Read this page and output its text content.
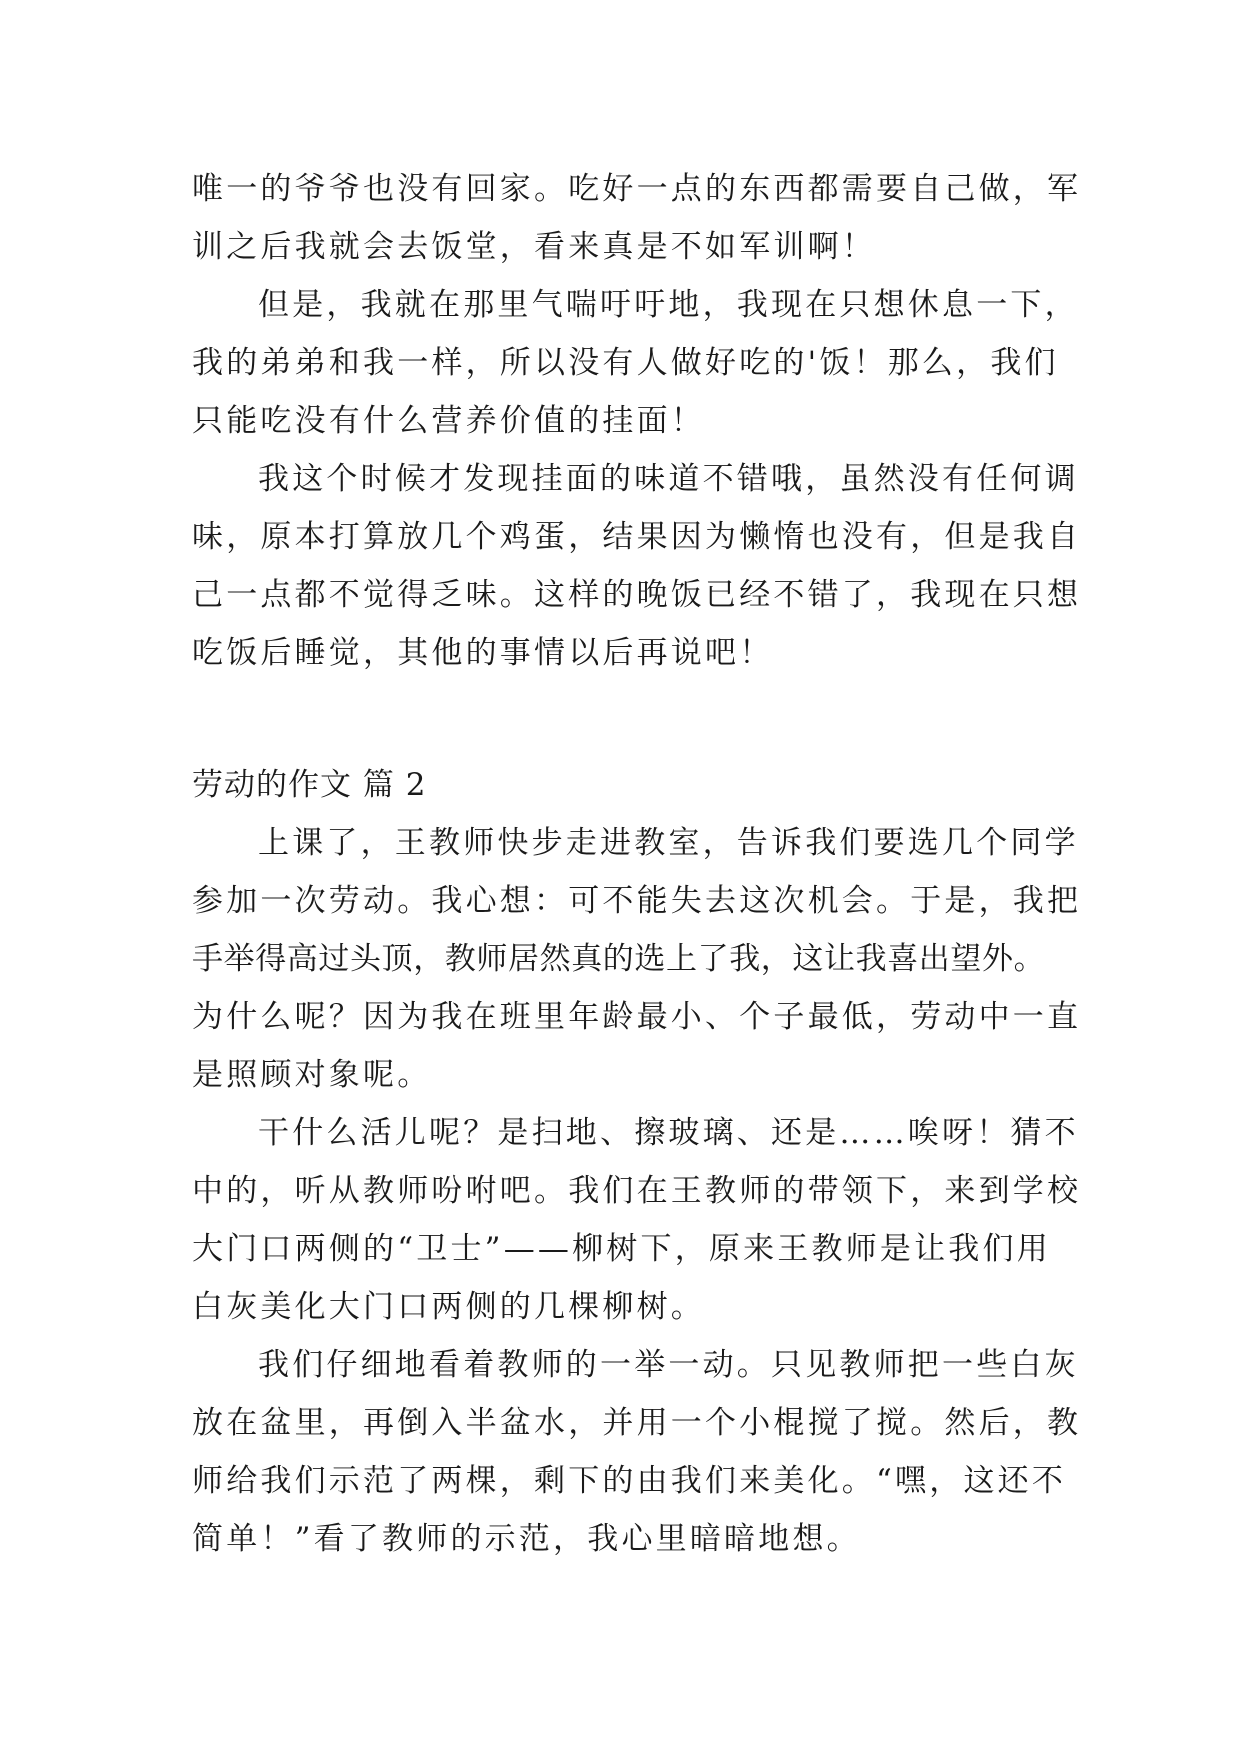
唯一的爷爷也没有回家。吃好一点的东西都需要自己做，军
训之后我就会去饭堂，看来真是不如军训啊！
但是，我就在那里气喘吁吁地，我现在只想休息一下，
我的弟弟和我一样，所以没有人做好吃的'饭！那么，我们
只能吃没有什么营养价值的挂面！
我这个时候才发现挂面的味道不错哦，虽然没有任何调
味，原本打算放几个鸡蛋，结果因为懒惰也没有，但是我自
己一点都不觉得乏味。这样的晚饭已经不错了，我现在只想
吃饭后睡觉，其他的事情以后再说吧！
劳动的作文 篇 2
上课了，王教师快步走进教室，告诉我们要选几个同学
参加一次劳动。我心想：可不能失去这次机会。于是，我把
手举得高过头顶，教师居然真的选上了我，这让我喜出望外。
为什么呢？因为我在班里年龄最小、个子最低，劳动中一直
是照顾对象呢。
干什么活儿呢？是扫地、擦玻璃、还是……唉呀！猜不
中的，听从教师吩咐吧。我们在王教师的带领下，来到学校
大门口两侧的“卫士”——柳树下，原来王教师是让我们用
白灰美化大门口两侧的几棵柳树。
我们仔细地看着教师的一举一动。只见教师把一些白灰
放在盆里，再倒入半盆水，并用一个小棍搅了搅。然后，教
师给我们示范了两棵，剩下的由我们来美化。“嘿，这还不
简单！”看了教师的示范，我心里暗暗地想。
